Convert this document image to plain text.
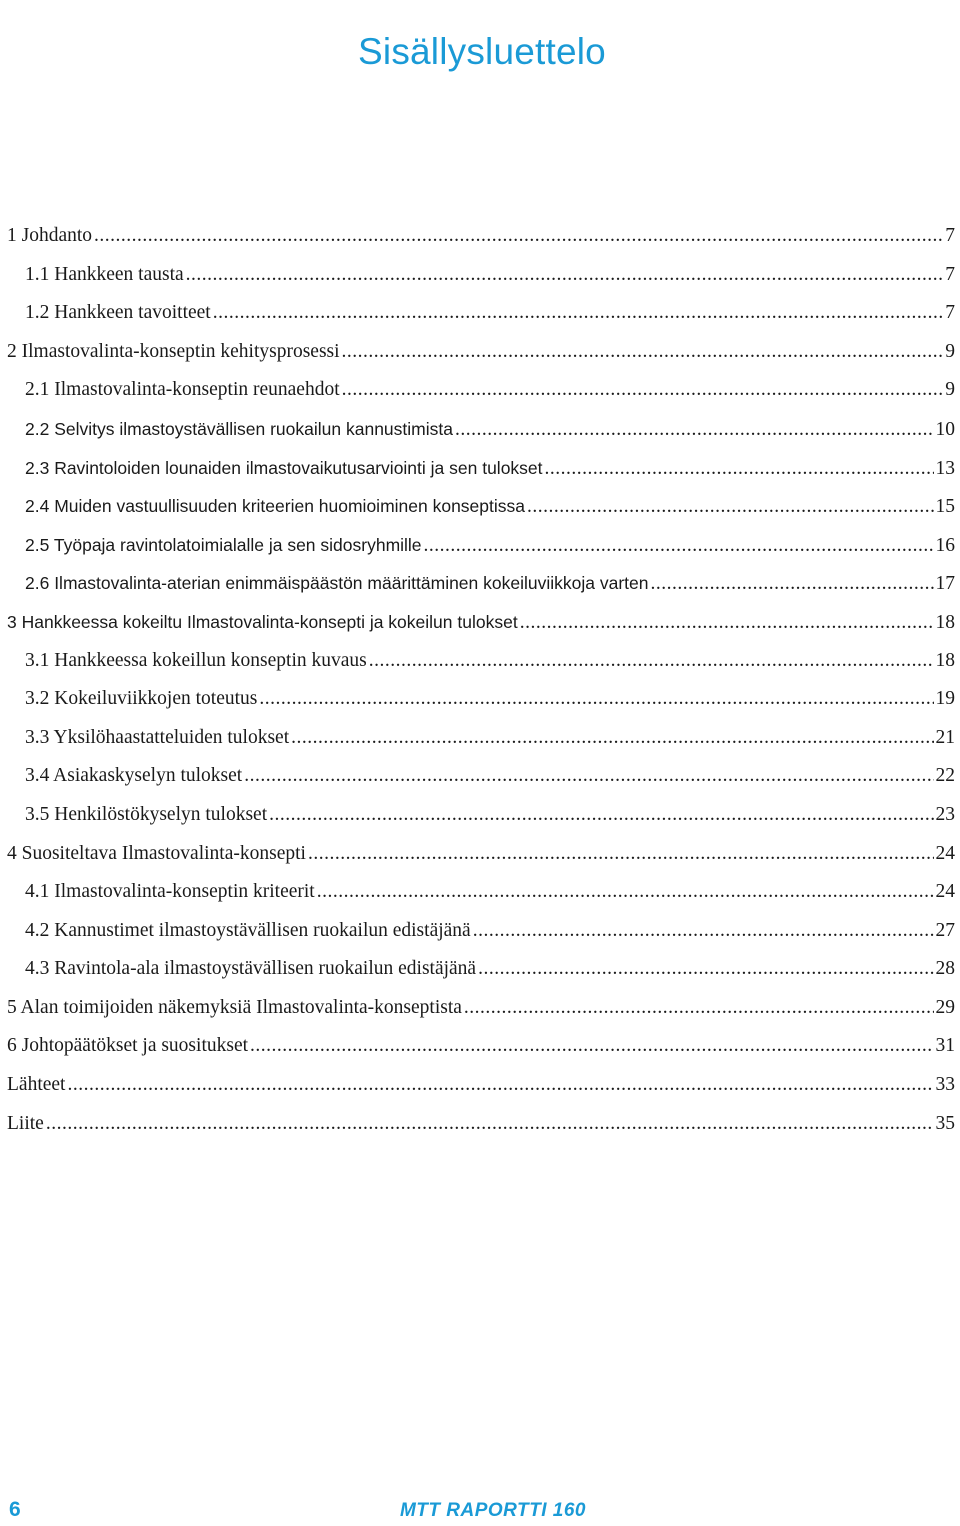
Sisällysluettelo
1 Johdanto .....	7
1.1 Hankkeen tausta .....	7
1.2 Hankkeen tavoitteet .....	7
2 Ilmastovalinta-konseptin kehitysprosessi .....	9
2.1 Ilmastovalinta-konseptin reunaehdot .....	9
2.2 Selvitys ilmastoystävällisen ruokailun kannustimista .....	10
2.3 Ravintoloiden lounaiden ilmastovaikutusarviointi ja sen tulokset .....	13
2.4 Muiden vastuullisuuden kriteerien huomioiminen konseptissa .....	15
2.5 Työpaja ravintolatoimialalle ja sen sidosryhmille .....	16
2.6 Ilmastovalinta-aterian enimmäispäästön määrittäminen kokeiluviikkoja varten .....	17
3 Hankkeessa kokeiltu Ilmastovalinta-konsepti ja kokeilun tulokset .....	18
3.1 Hankkeessa kokeillun konseptin kuvaus .....	18
3.2 Kokeiluviikkojen toteutus .....	19
3.3 Yksilöhaastatteluiden tulokset .....	21
3.4 Asiakaskyselyn tulokset .....	22
3.5 Henkilöstökyselyn tulokset .....	23
4 Suositeltava Ilmastovalinta-konsepti .....	24
4.1 Ilmastovalinta-konseptin kriteerit .....	24
4.2 Kannustimet ilmastoystävällisen ruokailun edistäjänä .....	27
4.3 Ravintola-ala ilmastoystävällisen ruokailun edistäjänä .....	28
5 Alan toimijoiden näkemyksiä Ilmastovalinta-konseptista .....	29
6 Johtopäätökset ja suositukset .....	31
Lähteet .....	33
Liite .....	35
6	MTT RAPORTTI 160
